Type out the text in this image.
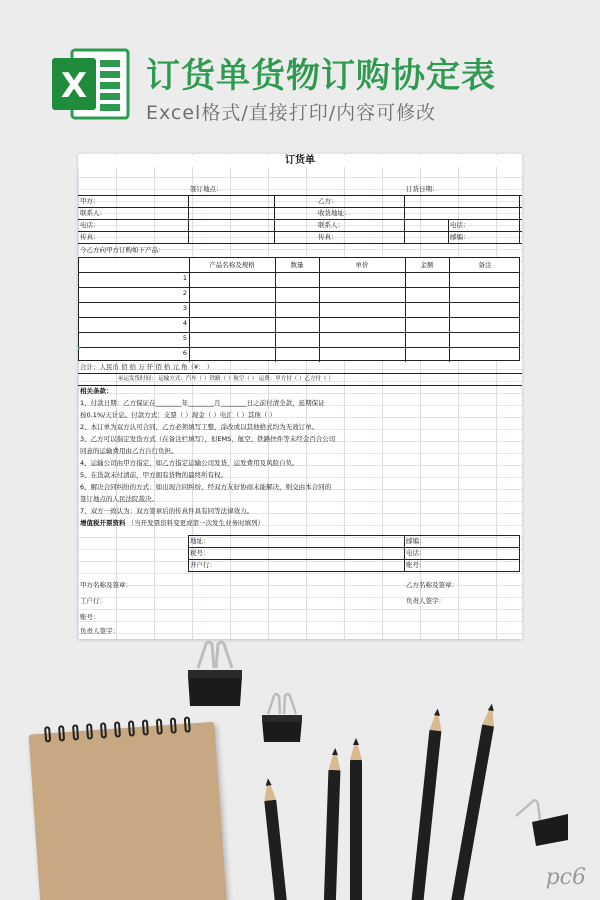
X 订货单货物订购协定表
Excel格式/直接打印/内容可修改
订货单
签订地点：	订货日期：
甲方：	乙方：
联系人：	收货地址：
电话：	联系人：	电话：
传真：	传真：	邮编：
今乙方向甲方订购如下产品：
产品名称及规格	数量	单价	金额	备注
1
2
3
4
5
6
合计：人民币 佰 拾 万 仟 佰 拾 元 角（¥： ）
承运发货时间： 运输方式：汽车（ ）铁路（ ）航空（ ） 运费：甲方付（ ）乙方付（ ）
相关条款：
1、付款日期：乙方保证在________年________月________日之前付清全款，延期保证
按0.1%/天计息。付款方式：支票（ ）现金（ ）电汇（ ）其他（ ）
2、本订单为双方认可合同，乙方必须填写工整，涂改或以其他格式均为无效订单。
3、乙方可以指定发货方式（在备注栏填写），但EMS、航空、铁路快件等未经金百合公司
同意的运输费用由乙方自行负担。
4、运输公司由甲方指定，如乙方指定运输公司发货，运发费用及风险自负。
5、在货款未付清前，甲方拥有货物的最终所有权。
6、解决合同纠纷的方式：如出现合同纠纷，经双方友好协商未能解决，则交由本合同的
签订地点的人民法院裁决。
7、双方一致认为：双方签章后的传真件具有同等法律效力。
增值税开票资料 （当开发票资料变更或第一次发生业务时填列）
地址：	邮编：
税号：	电话：
开户行：	账号：
甲方名称及签章：	乙方名称及签章：
工户行：	负责人签字：
账号：
负责人签字：
pc6
